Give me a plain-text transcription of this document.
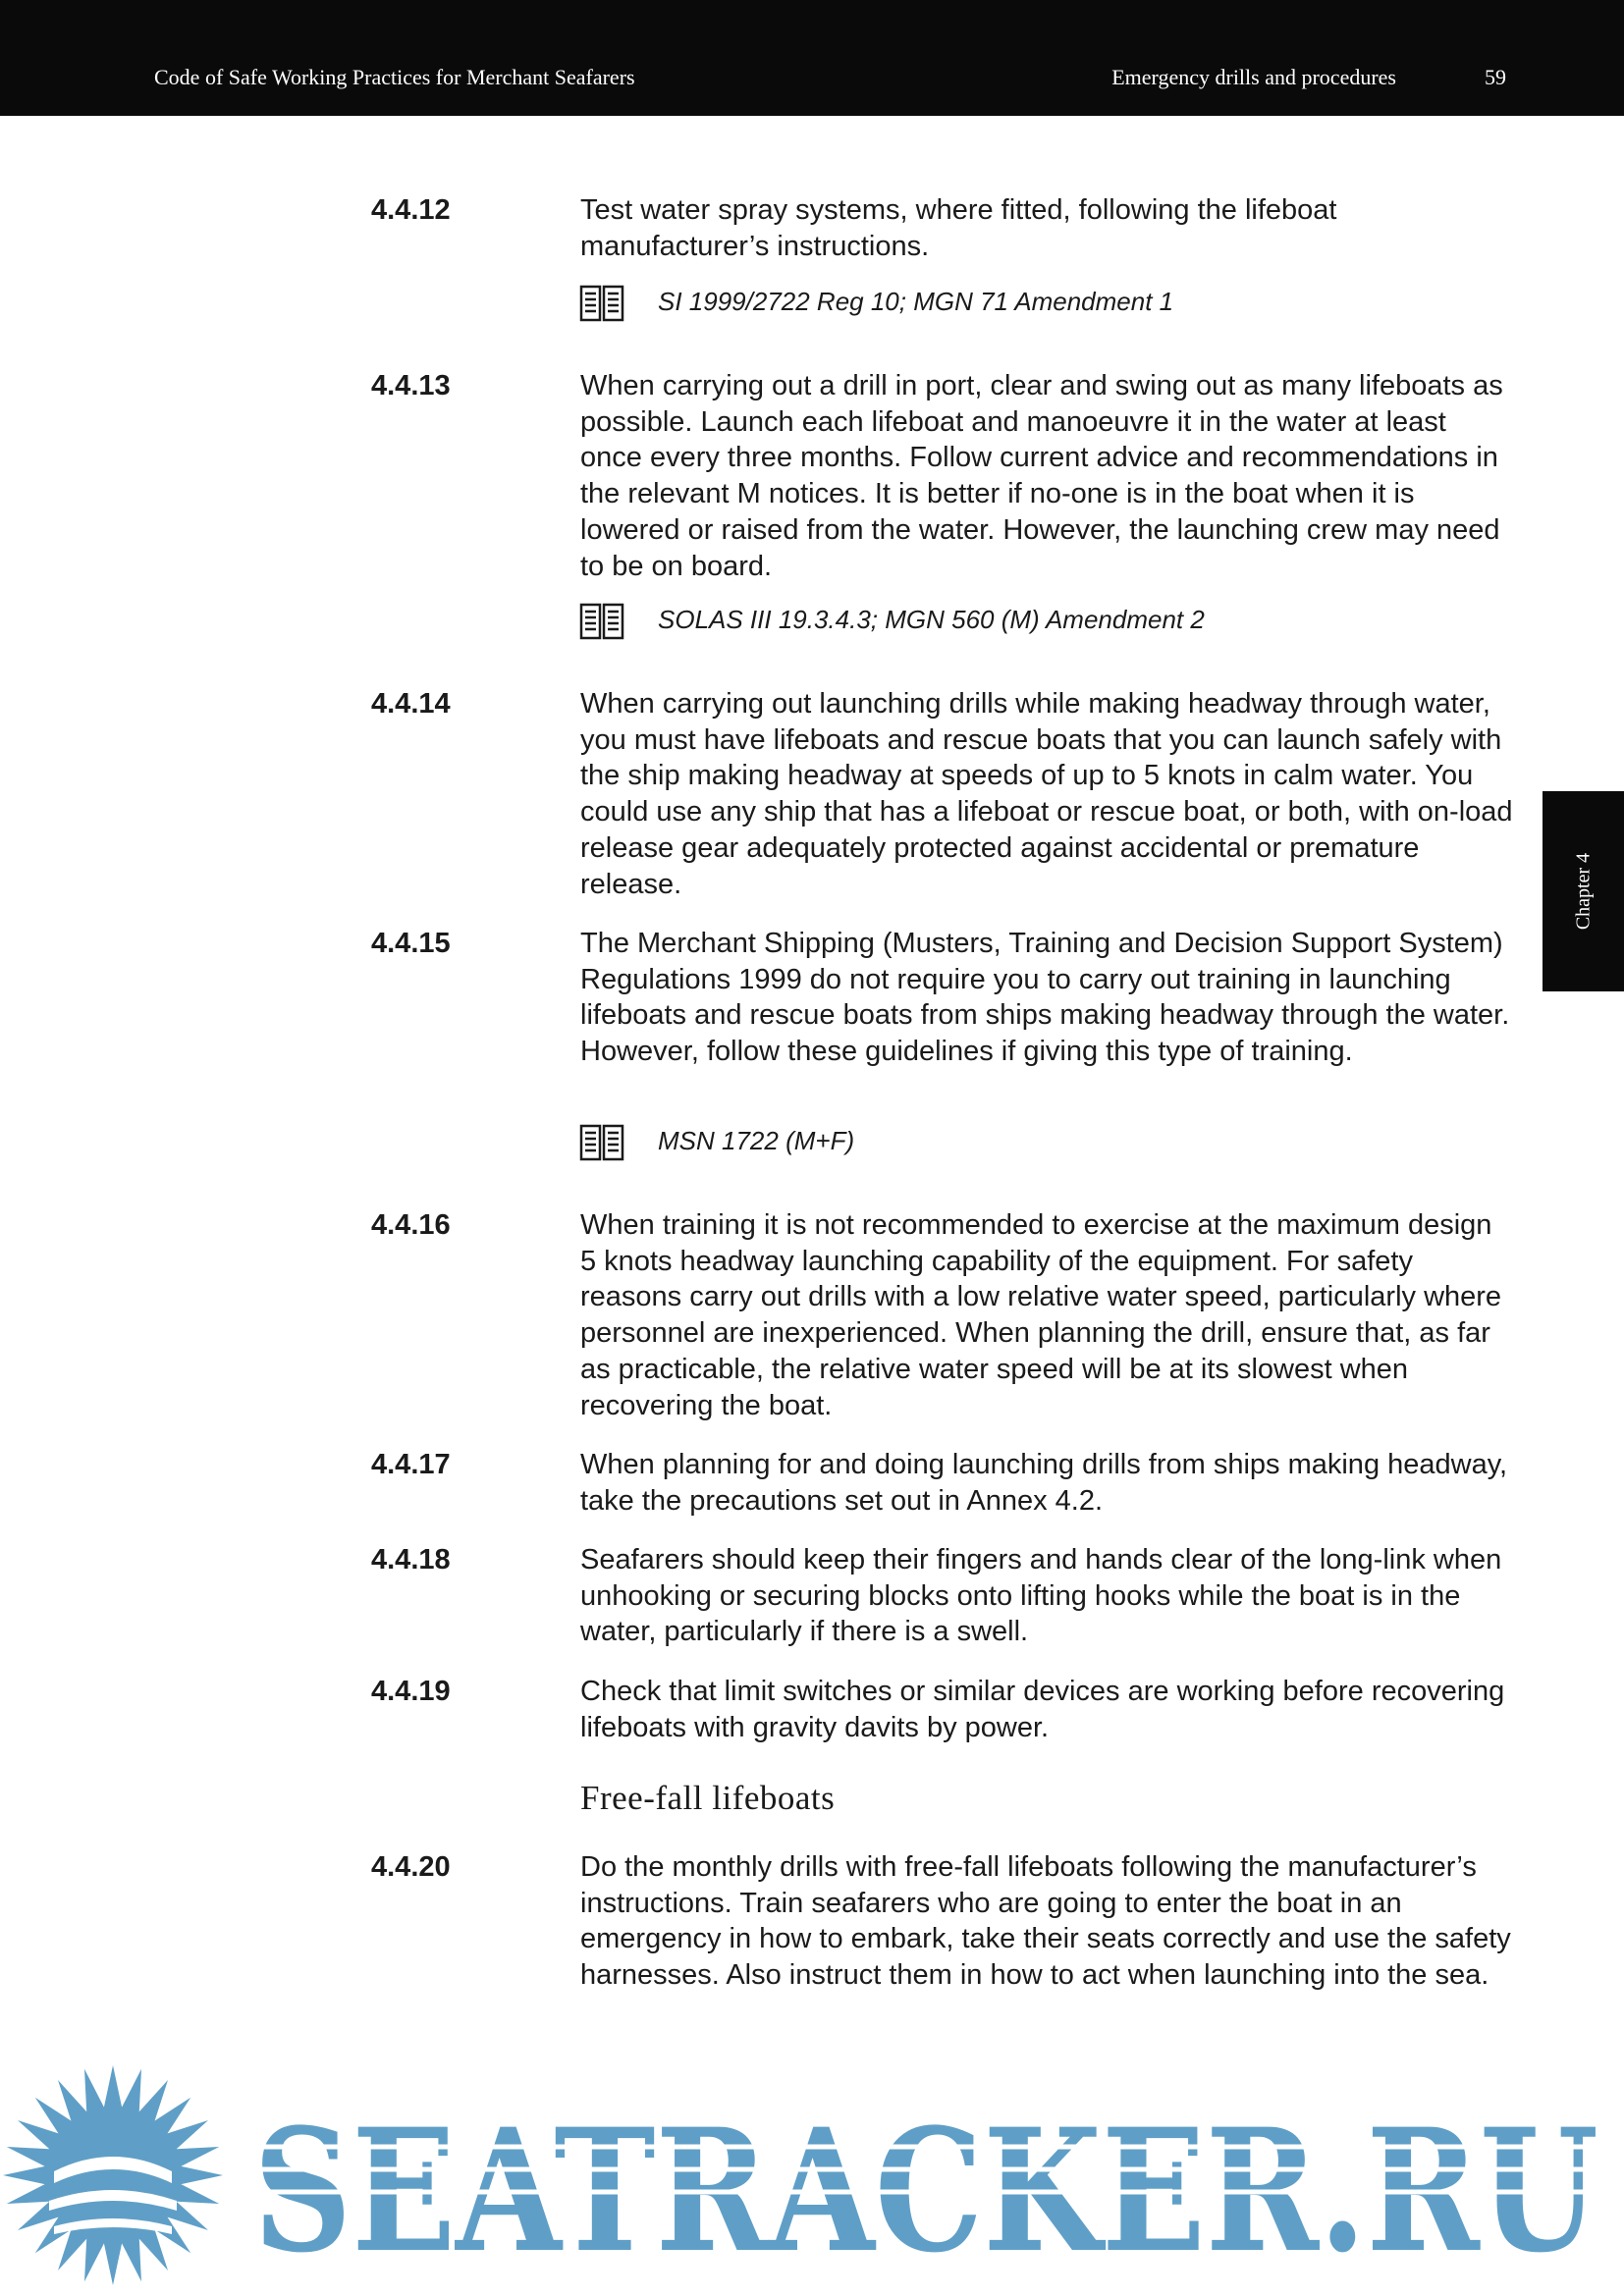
Code of Safe Working Practices for Merchant Seafarers	Emergency drills and procedures	59
Chapter 4
4.4.12	Test water spray systems, where fitted, following the lifeboat manufacturer’s instructions.
SI 1999/2722 Reg 10; MGN 71 Amendment 1
4.4.13	When carrying out a drill in port, clear and swing out as many lifeboats as possible. Launch each lifeboat and manoeuvre it in the water at least once every three months. Follow current advice and recommendations in the relevant M notices. It is better if no-one is in the boat when it is lowered or raised from the water. However, the launching crew may need to be on board.
SOLAS III 19.3.4.3; MGN 560 (M) Amendment 2
4.4.14	When carrying out launching drills while making headway through water, you must have lifeboats and rescue boats that you can launch safely with the ship making headway at speeds of up to 5 knots in calm water. You could use any ship that has a lifeboat or rescue boat, or both, with on-load release gear adequately protected against accidental or premature release.
4.4.15	The Merchant Shipping (Musters, Training and Decision Support System) Regulations 1999 do not require you to carry out training in launching lifeboats and rescue boats from ships making headway through the water. However, follow these guidelines if giving this type of training.
MSN 1722 (M+F)
4.4.16	When training it is not recommended to exercise at the maximum design 5 knots headway launching capability of the equipment. For safety reasons carry out drills with a low relative water speed, particularly where personnel are inexperienced. When planning the drill, ensure that, as far as practicable, the relative water speed will be at its slowest when recovering the boat.
4.4.17	When planning for and doing launching drills from ships making headway, take the precautions set out in Annex 4.2.
4.4.18	Seafarers should keep their fingers and hands clear of the long-link when unhooking or securing blocks onto lifting hooks while the boat is in the water, particularly if there is a swell.
4.4.19	Check that limit switches or similar devices are working before recovering lifeboats with gravity davits by power.
Free-fall lifeboats
4.4.20	Do the monthly drills with free-fall lifeboats following the manufacturer’s instructions. Train seafarers who are going to enter the boat in an emergency in how to embark, take their seats correctly and use the safety harnesses. Also instruct them in how to act when launching into the sea.
SEATRACKER.RU
